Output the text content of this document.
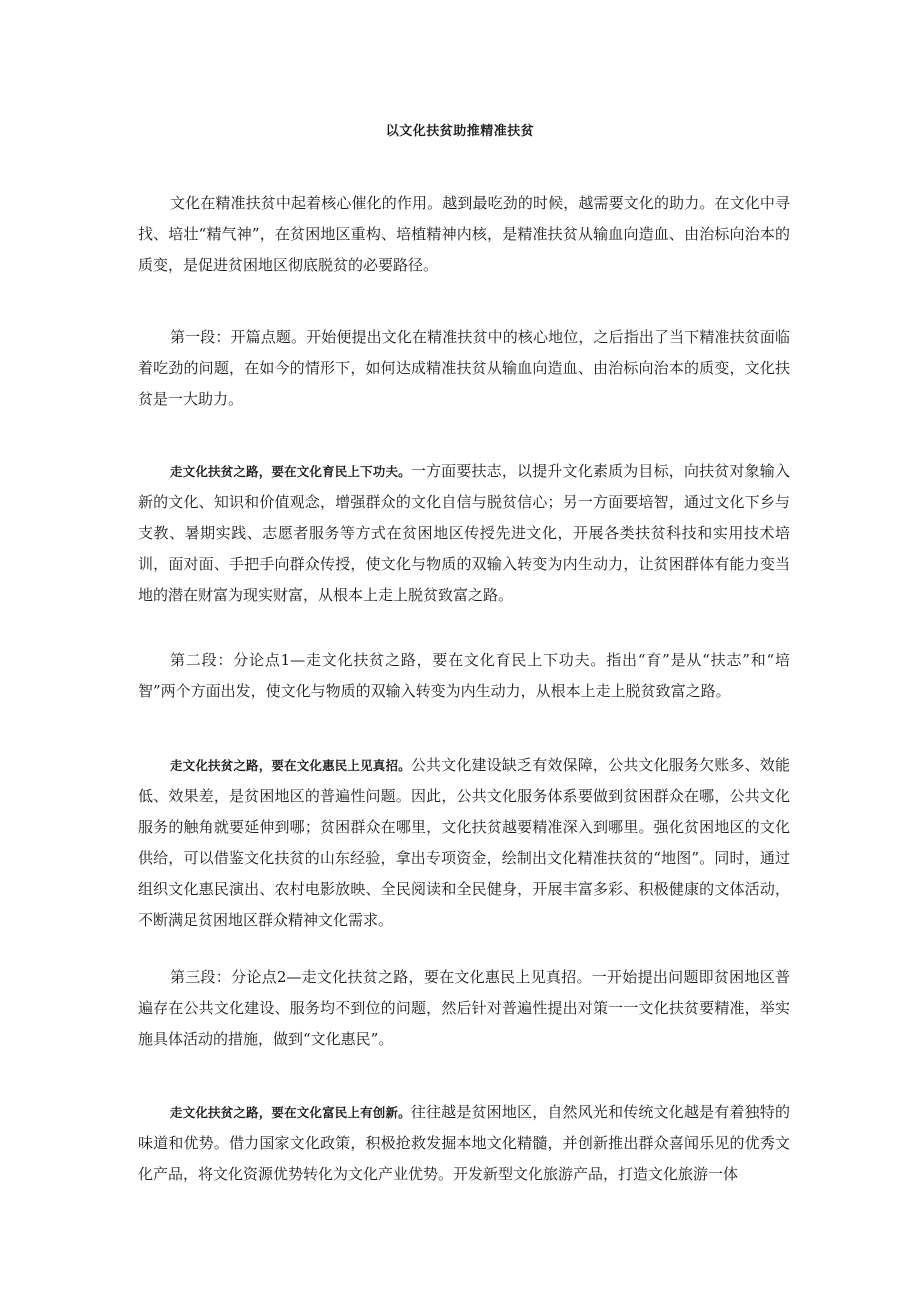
以文化扶贫助推精准扶贫

文化在精准扶贫中起着核心催化的作用。越到最吃劲的时候，越需要文化的助力。在文化中寻找、培壮“精气神”，在贫困地区重构、培植精神内核，是精准扶贫从输血向造血、由治标向治本的质变，是促进贫困地区彻底脱贫的必要路径。

第一段：开篇点题。开始便提出文化在精准扶贫中的核心地位，之后指出了当下精准扶贫面临着吃劲的问题，在如今的情形下，如何达成精准扶贫从输血向造血、由治标向治本的质变，文化扶贫是一大助力。

走文化扶贫之路，要在文化育民上下功夫。一方面要扶志，以提升文化素质为目标，向扶贫对象输入新的文化、知识和价值观念，增强群众的文化自信与脱贫信心；另一方面要培智，通过文化下乡与支教、暑期实践、志愿者服务等方式在贫困地区传授先进文化，开展各类扶贫科技和实用技术培训，面对面、手把手向群众传授，使文化与物质的双输入转变为内生动力，让贫困群体有能力变当地的潜在财富为现实财富，从根本上走上脱贫致富之路。

第二段：分论点1—走文化扶贫之路，要在文化育民上下功夫。指出“育”是从“扶志”和“培智”两个方面出发，使文化与物质的双输入转变为内生动力，从根本上走上脱贫致富之路。

走文化扶贫之路，要在文化惠民上见真招。公共文化建设缺乏有效保障，公共文化服务欠账多、效能低、效果差，是贫困地区的普遍性问题。因此，公共文化服务体系要做到贫困群众在哪，公共文化服务的触角就要延伸到哪；贫困群众在哪里，文化扶贫越要精准深入到哪里。强化贫困地区的文化供给，可以借鉴文化扶贫的山东经验，拿出专项资金，绘制出文化精准扶贫的“地图”。同时，通过组织文化惠民演出、农村电影放映、全民阅读和全民健身，开展丰富多彩、积极健康的文体活动，不断满足贫困地区群众精神文化需求。

第三段：分论点2—走文化扶贫之路，要在文化惠民上见真招。一开始提出问题即贫困地区普遍存在公共文化建设、服务均不到位的问题，然后针对普遍性提出对策一一文化扶贫要精准，举实施具体活动的措施，做到“文化惠民”。

走文化扶贫之路，要在文化富民上有创新。往往越是贫困地区，自然风光和传统文化越是有着独特的味道和优势。借力国家文化政策，积极抢救发掘本地文化精髓，并创新推出群众喜闻乐见的优秀文化产品，将文化资源优势转化为文化产业优势。开发新型文化旅游产品，打造文化旅游一体
